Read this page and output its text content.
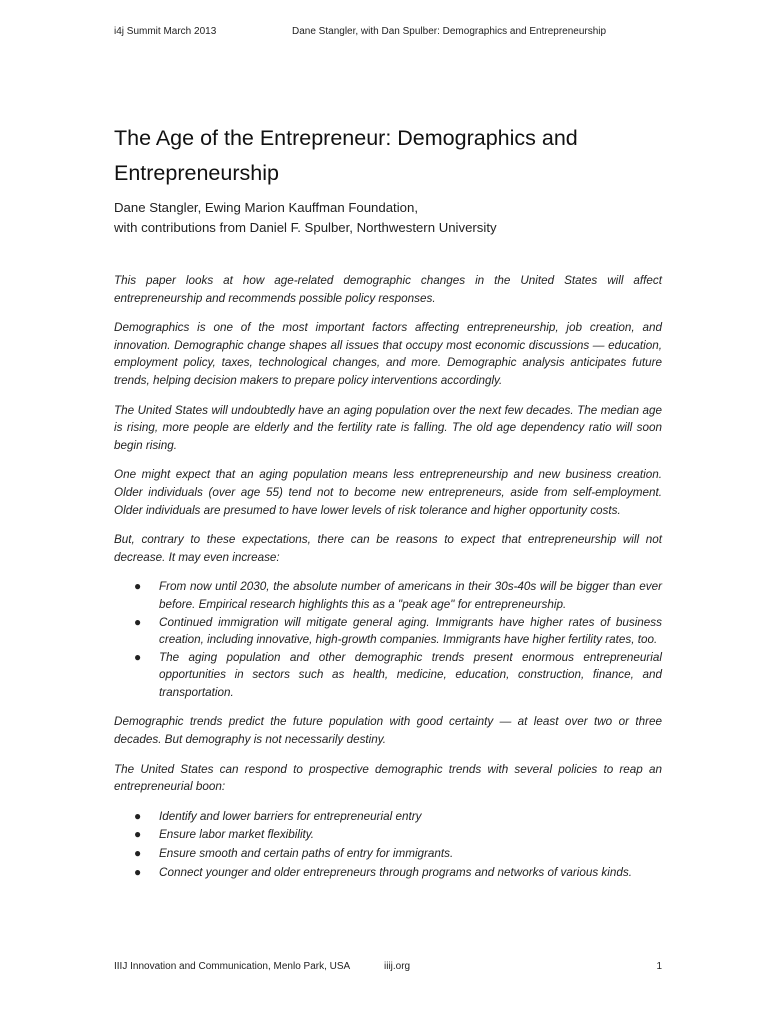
i4j Summit March 2013	Dane Stangler, with Dan Spulber: Demographics and Entrepreneurship
The Age of the Entrepreneur: Demographics and Entrepreneurship
Dane Stangler, Ewing Marion Kauffman Foundation,
with contributions from Daniel F. Spulber, Northwestern University

This paper looks at how age-related demographic changes in the United States will affect entrepreneurship and recommends possible policy responses.

Demographics is one of the most important factors affecting entrepreneurship, job creation, and innovation. Demographic change shapes all issues that occupy most economic discussions — education, employment policy, taxes, technological changes, and more. Demographic analysis anticipates future trends, helping decision makers to prepare policy interventions accordingly.

The United States will undoubtedly have an aging population over the next few decades. The median age is rising, more people are elderly and the fertility rate is falling. The old age dependency ratio will soon begin rising.

One might expect that an aging population means less entrepreneurship and new business creation. Older individuals (over age 55) tend not to become new entrepreneurs, aside from self-employment. Older individuals are presumed to have lower levels of risk tolerance and higher opportunity costs.

But, contrary to these expectations, there can be reasons to expect that entrepreneurship will not decrease. It may even increase:

● From now until 2030, the absolute number of americans in their 30s-40s will be bigger than ever before. Empirical research highlights this as a "peak age" for entrepreneurship.
● Continued immigration will mitigate general aging. Immigrants have higher rates of business creation, including innovative, high-growth companies. Immigrants have higher fertility rates, too.
● The aging population and other demographic trends present enormous entrepreneurial opportunities in sectors such as health, medicine, education, construction, finance, and transportation.

Demographic trends predict the future population with good certainty — at least over two or three decades. But demography is not necessarily destiny.

The United States can respond to prospective demographic trends with several policies to reap an entrepreneurial boon:

● Identify and lower barriers for entrepreneurial entry
● Ensure labor market flexibility.
● Ensure smooth and certain paths of entry for immigrants.
● Connect younger and older entrepreneurs through programs and networks of various kinds.
IIIJ Innovation and Communication, Menlo Park, USA	iiij.org	1
